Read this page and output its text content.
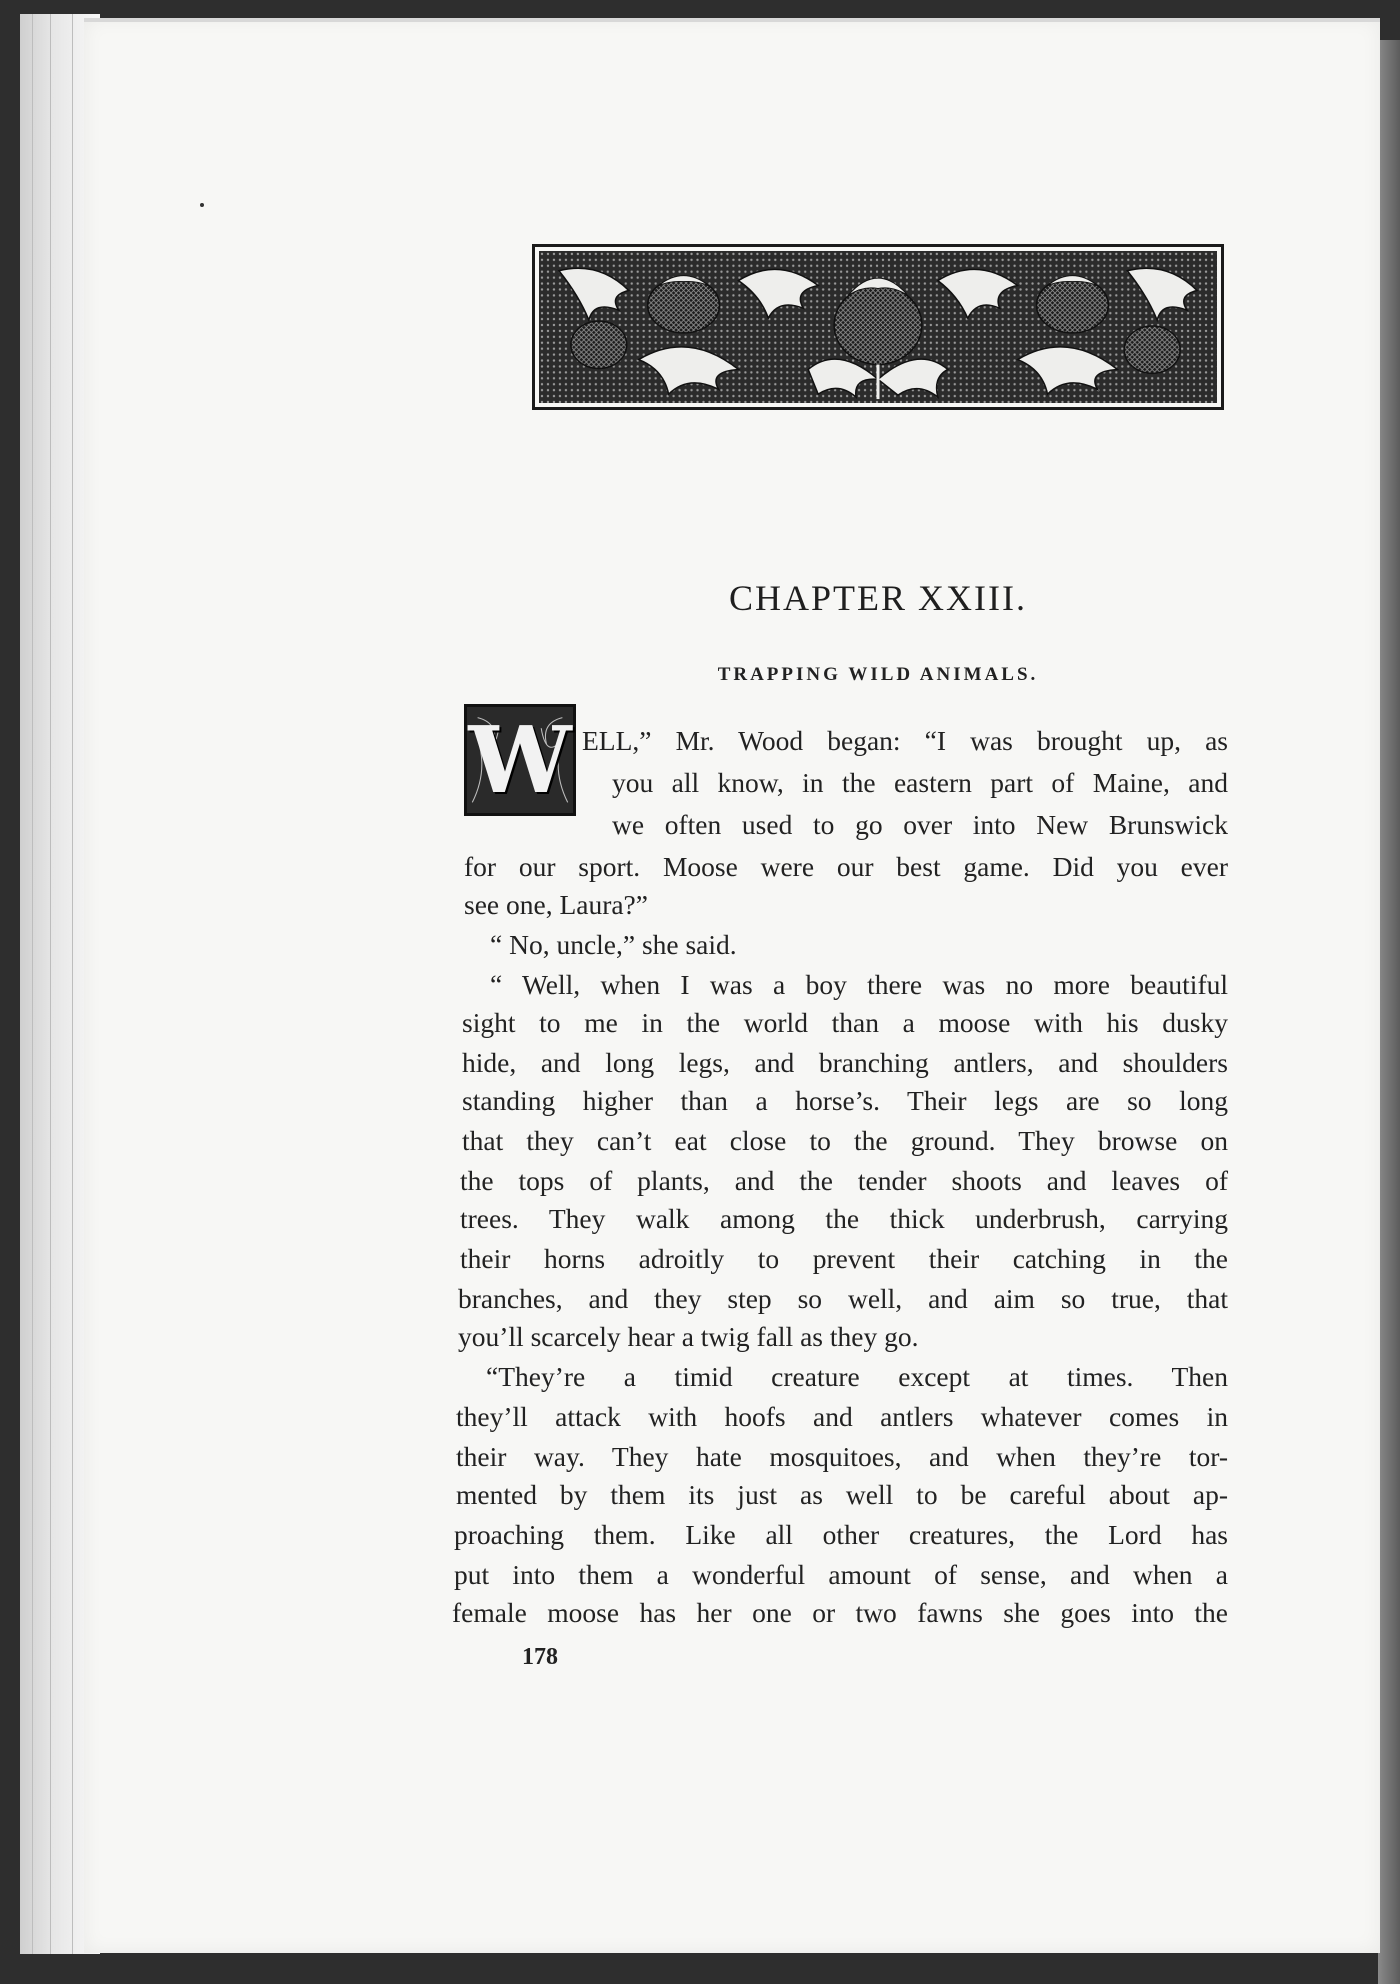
CHAPTER XXIII.
TRAPPING WILD ANIMALS.
W ELL,” Mr. Wood began: “I was brought up, as
you all know, in the eastern part of Maine, and
we often used to go over into New Brunswick
for our sport. Moose were our best game. Did you ever
see one, Laura?”
“ No, uncle,” she said.
“ Well, when I was a boy there was no more beautiful
sight to me in the world than a moose with his dusky
hide, and long legs, and branching antlers, and shoulders
standing higher than a horse’s. Their legs are so long
that they can’t eat close to the ground. They browse on
the tops of plants, and the tender shoots and leaves of
trees. They walk among the thick underbrush, carrying
their horns adroitly to prevent their catching in the
branches, and they step so well, and aim so true, that
you’ll scarcely hear a twig fall as they go.
“They’re a timid creature except at times. Then
they’ll attack with hoofs and antlers whatever comes in
their way. They hate mosquitoes, and when they’re tor-
mented by them its just as well to be careful about ap-
proaching them. Like all other creatures, the Lord has
put into them a wonderful amount of sense, and when a
female moose has her one or two fawns she goes into the
178
